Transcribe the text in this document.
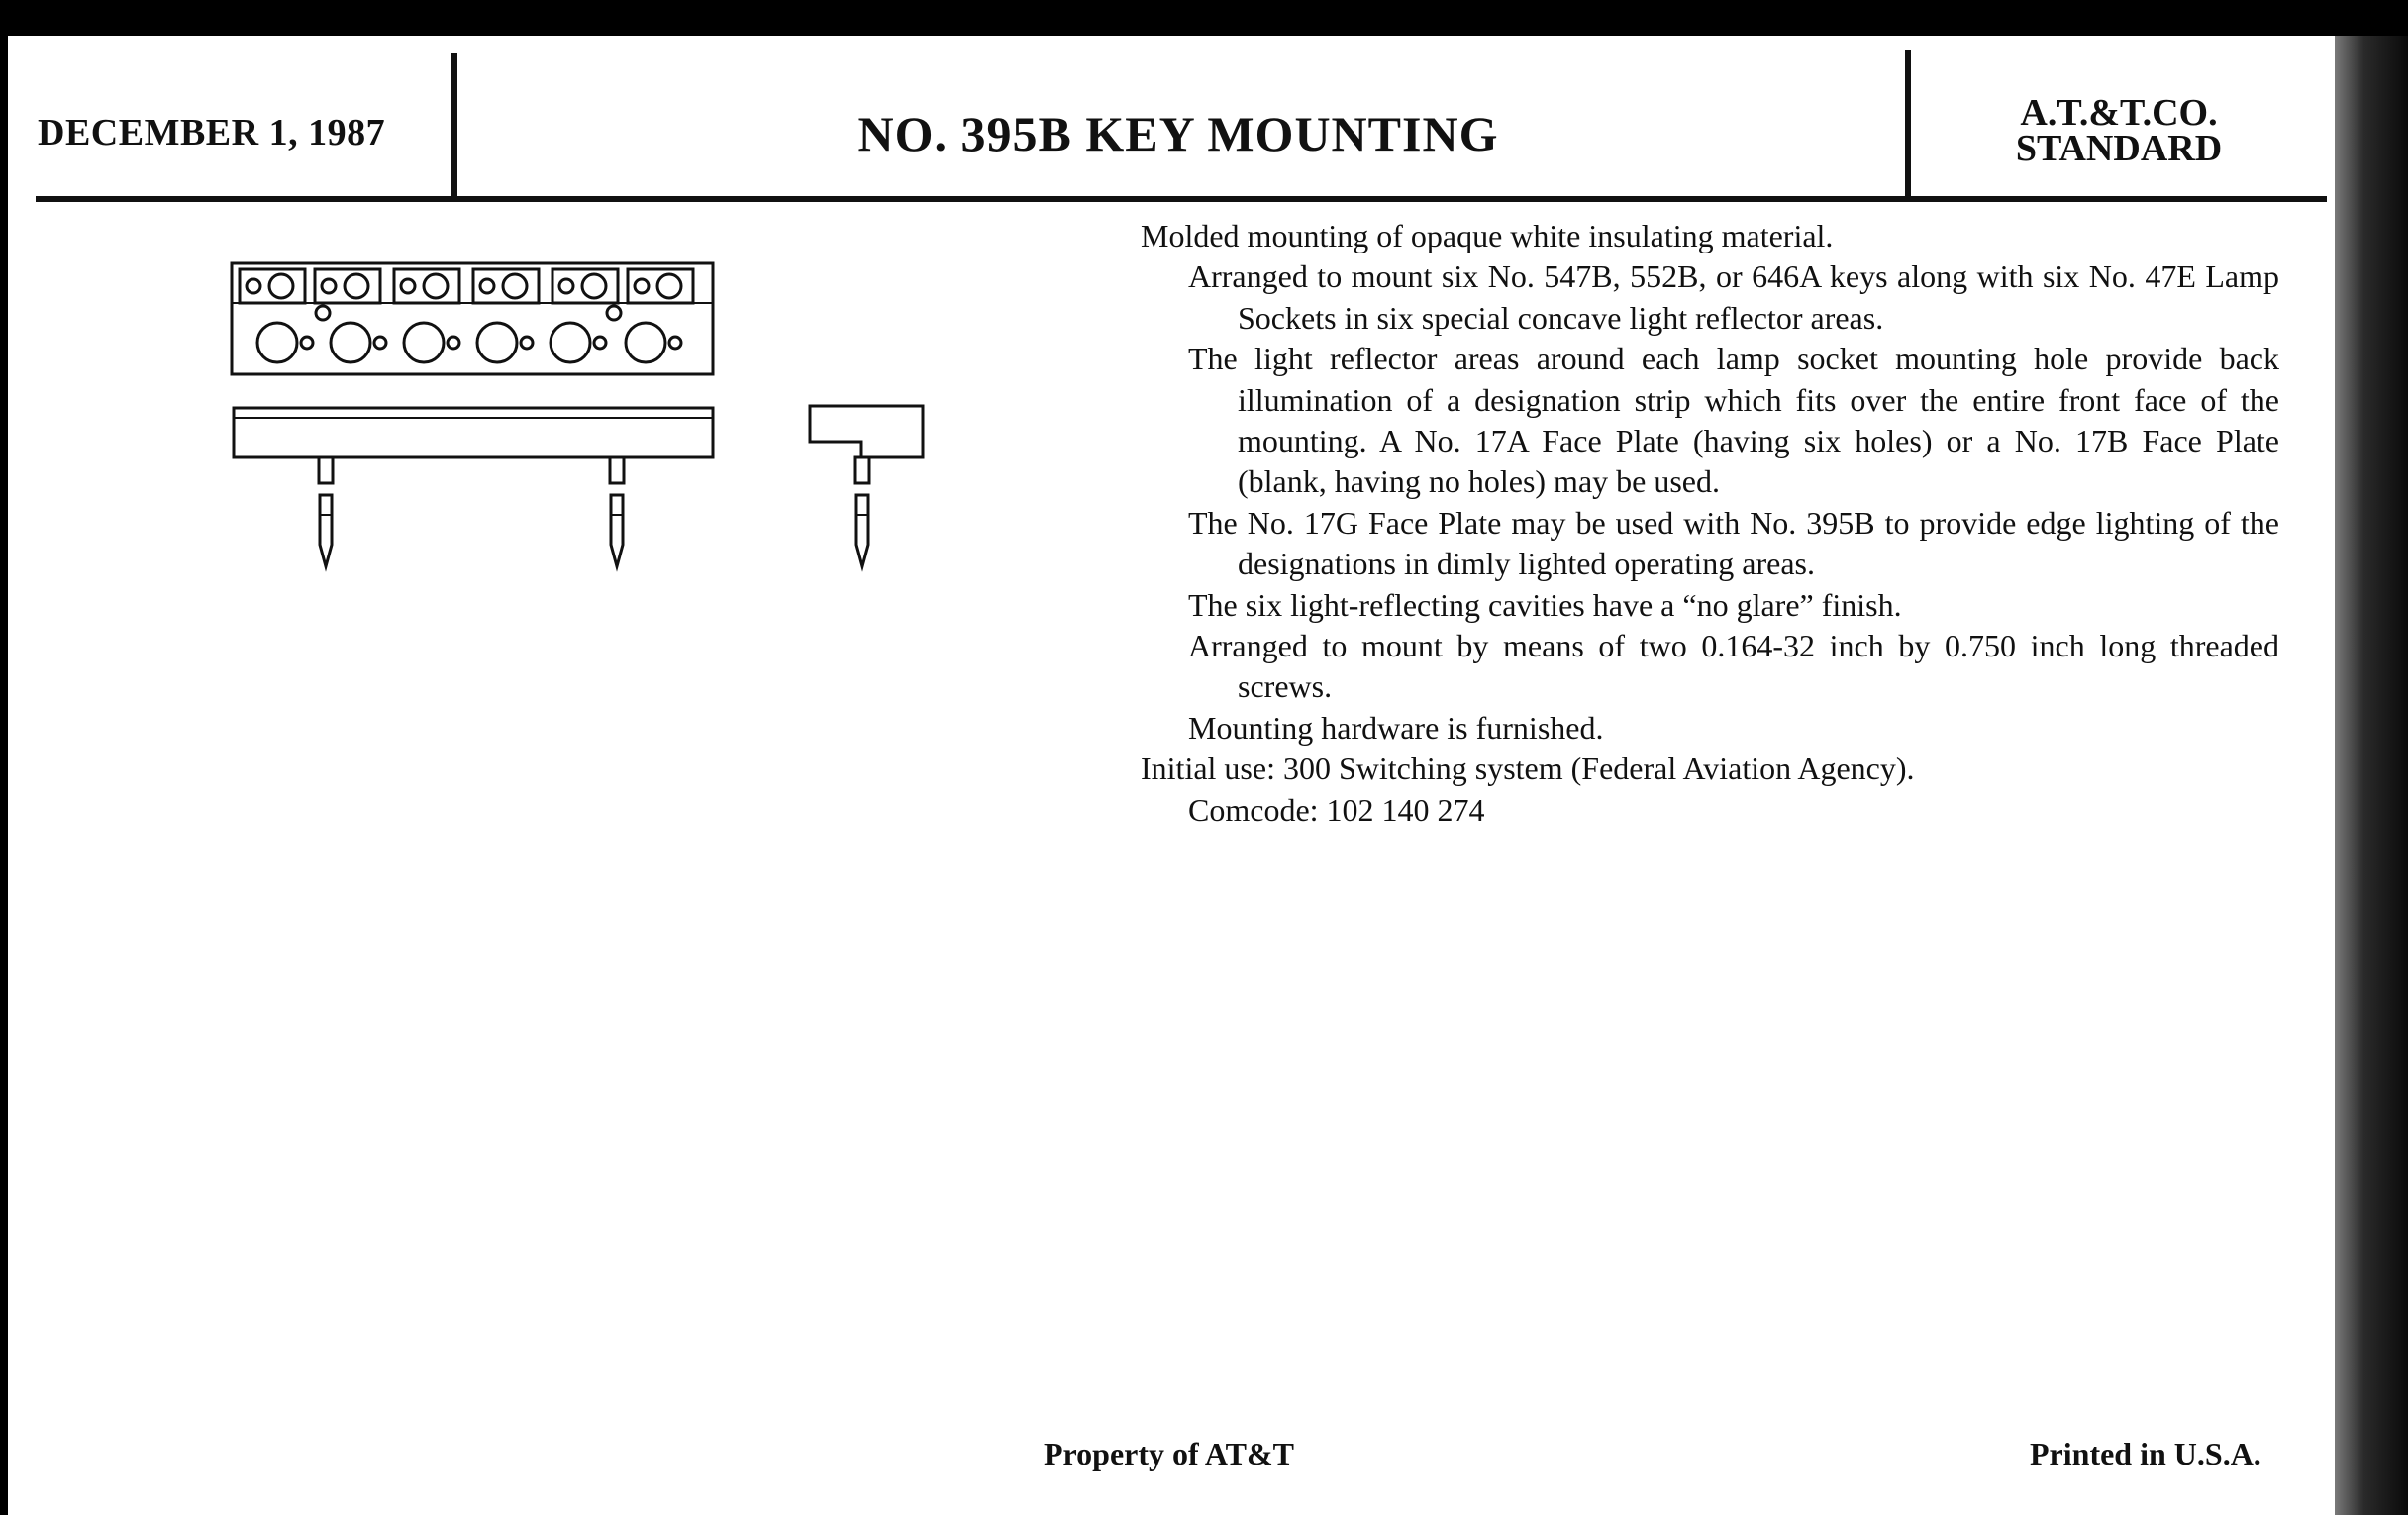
DECEMBER 1, 1987	NO. 395B KEY MOUNTING	A.T.&T.CO.
STANDARD

Molded mounting of opaque white insulating material.

Arranged to mount six No. 547B, 552B, or 646A keys along with six No. 47E Lamp Sockets in six special concave light reflector areas.

The light reflector areas around each lamp socket mounting hole provide back illumination of a designation strip which fits over the entire front face of the mounting. A No. 17A Face Plate (having six holes) or a No. 17B Face Plate (blank, having no holes) may be used.

The No. 17G Face Plate may be used with No. 395B to provide edge lighting of the designations in dimly lighted operating areas.

The six light-reflecting cavities have a “no glare” finish.

Arranged to mount by means of two 0.164-32 inch by 0.750 inch long threaded screws.

Mounting hardware is furnished.

Initial use: 300 Switching system (Federal Aviation Agency).

Comcode: 102 140 274

Property of AT&T	Printed in U.S.A.
